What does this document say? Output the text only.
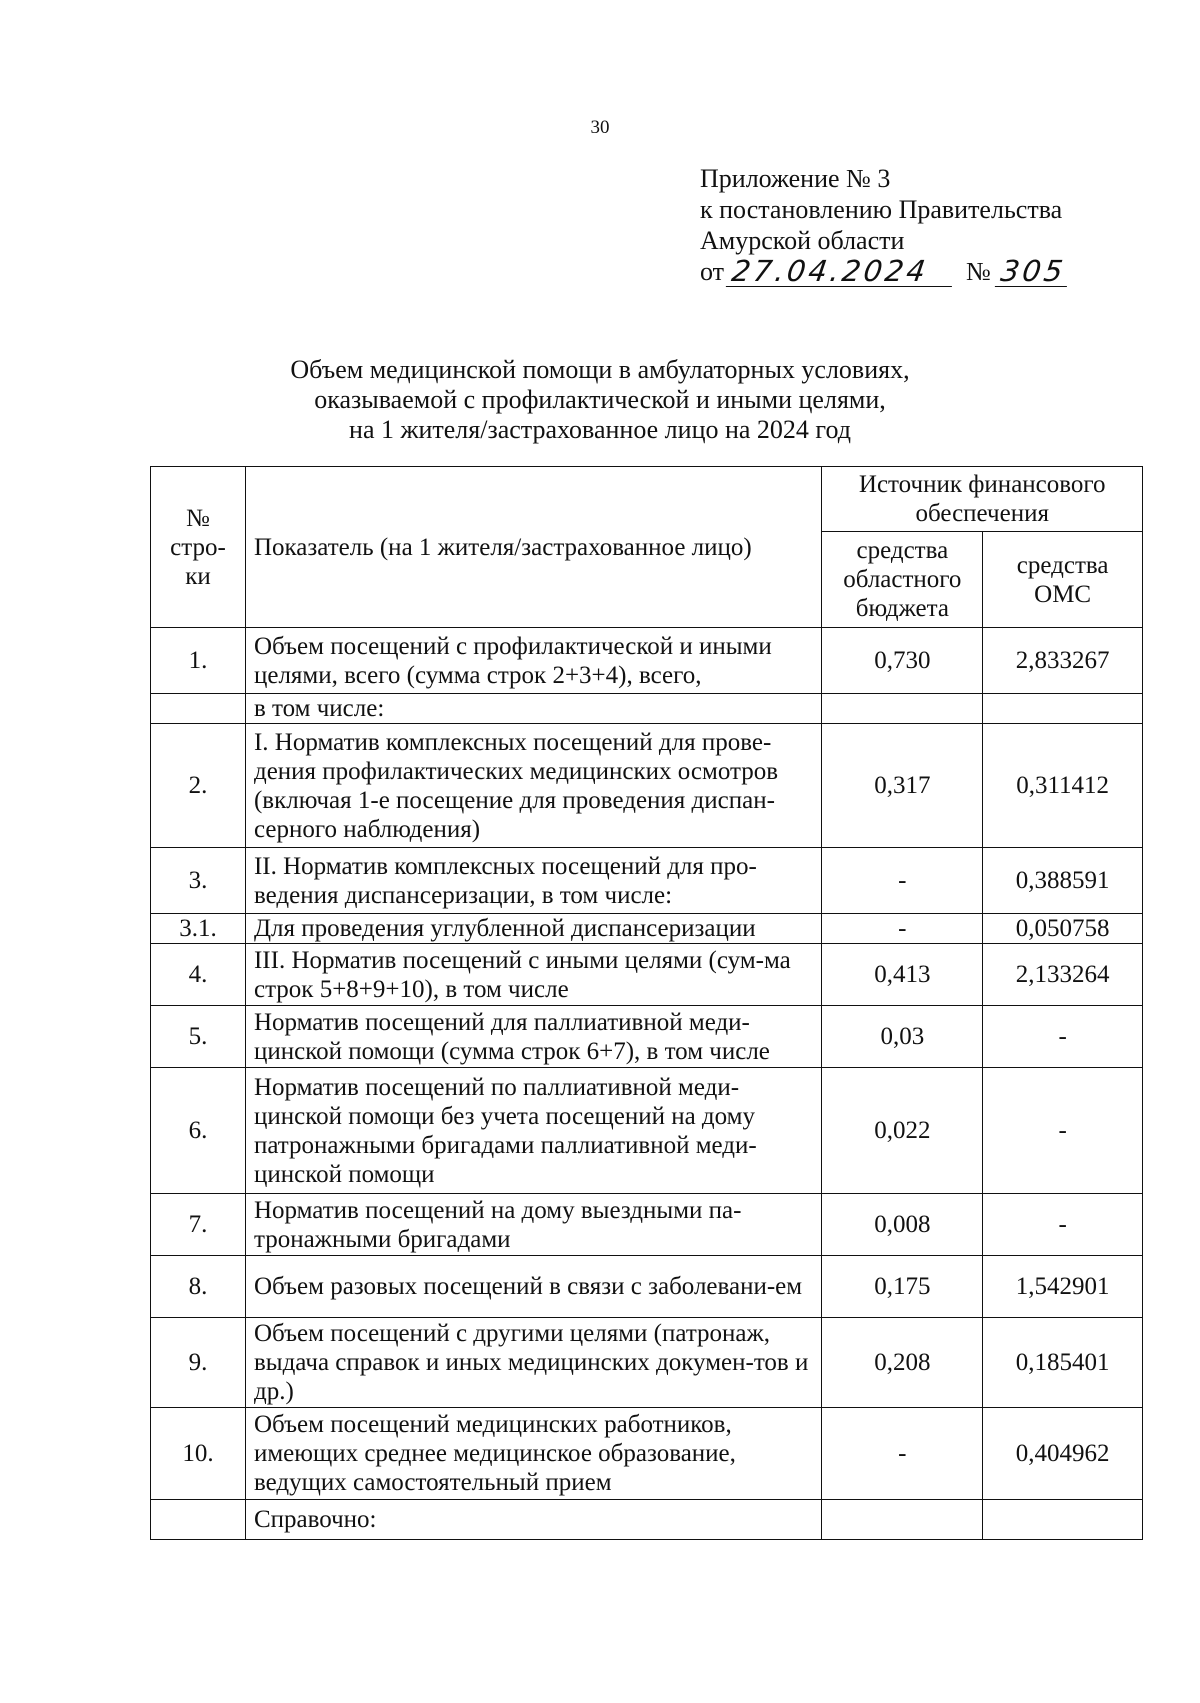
30
Приложение № 3
к постановлению Правительства
Амурской области
от 27.04.2024	№ 305
Объем медицинской помощи в амбулаторных условиях,
оказываемой с профилактической и иными целями,
на 1 жителя/застрахованное лицо на 2024 год
№ стро-ки	Показатель (на 1 жителя/застрахованное лицо)	Источник финансового обеспечения	
		средства областного бюджета	средства ОМС
1.	Объем посещений с профилактической и иными целями, всего (сумма строк 2+3+4), всего,	0,730	2,833267
	в том числе:		
2.	I. Норматив комплексных посещений для прове-дения профилактических медицинских осмотров (включая 1-е посещение для проведения диспан-серного наблюдения)	0,317	0,311412
3.	II. Норматив комплексных посещений для про-ведения диспансеризации, в том числе:	-	0,388591
3.1.	Для проведения углубленной диспансеризации	-	0,050758
4.	III. Норматив посещений с иными целями (сум-ма строк 5+8+9+10), в том числе	0,413	2,133264
5.	Норматив посещений для паллиативной меди-цинской помощи (сумма строк 6+7), в том числе	0,03	-
6.	Норматив посещений по паллиативной меди-цинской помощи без учета посещений на дому патронажными бригадами паллиативной меди-цинской помощи	0,022	-
7.	Норматив посещений на дому выездными па-тронажными бригадами	0,008	-
8.	Объем разовых посещений в связи с заболевани-ем	0,175	1,542901
9.	Объем посещений с другими целями (патронаж, выдача справок и иных медицинских докумен-тов и др.)	0,208	0,185401
10.	Объем посещений медицинских работников, имеющих среднее медицинское образование, ведущих самостоятельный прием	-	0,404962
	Справочно:		
